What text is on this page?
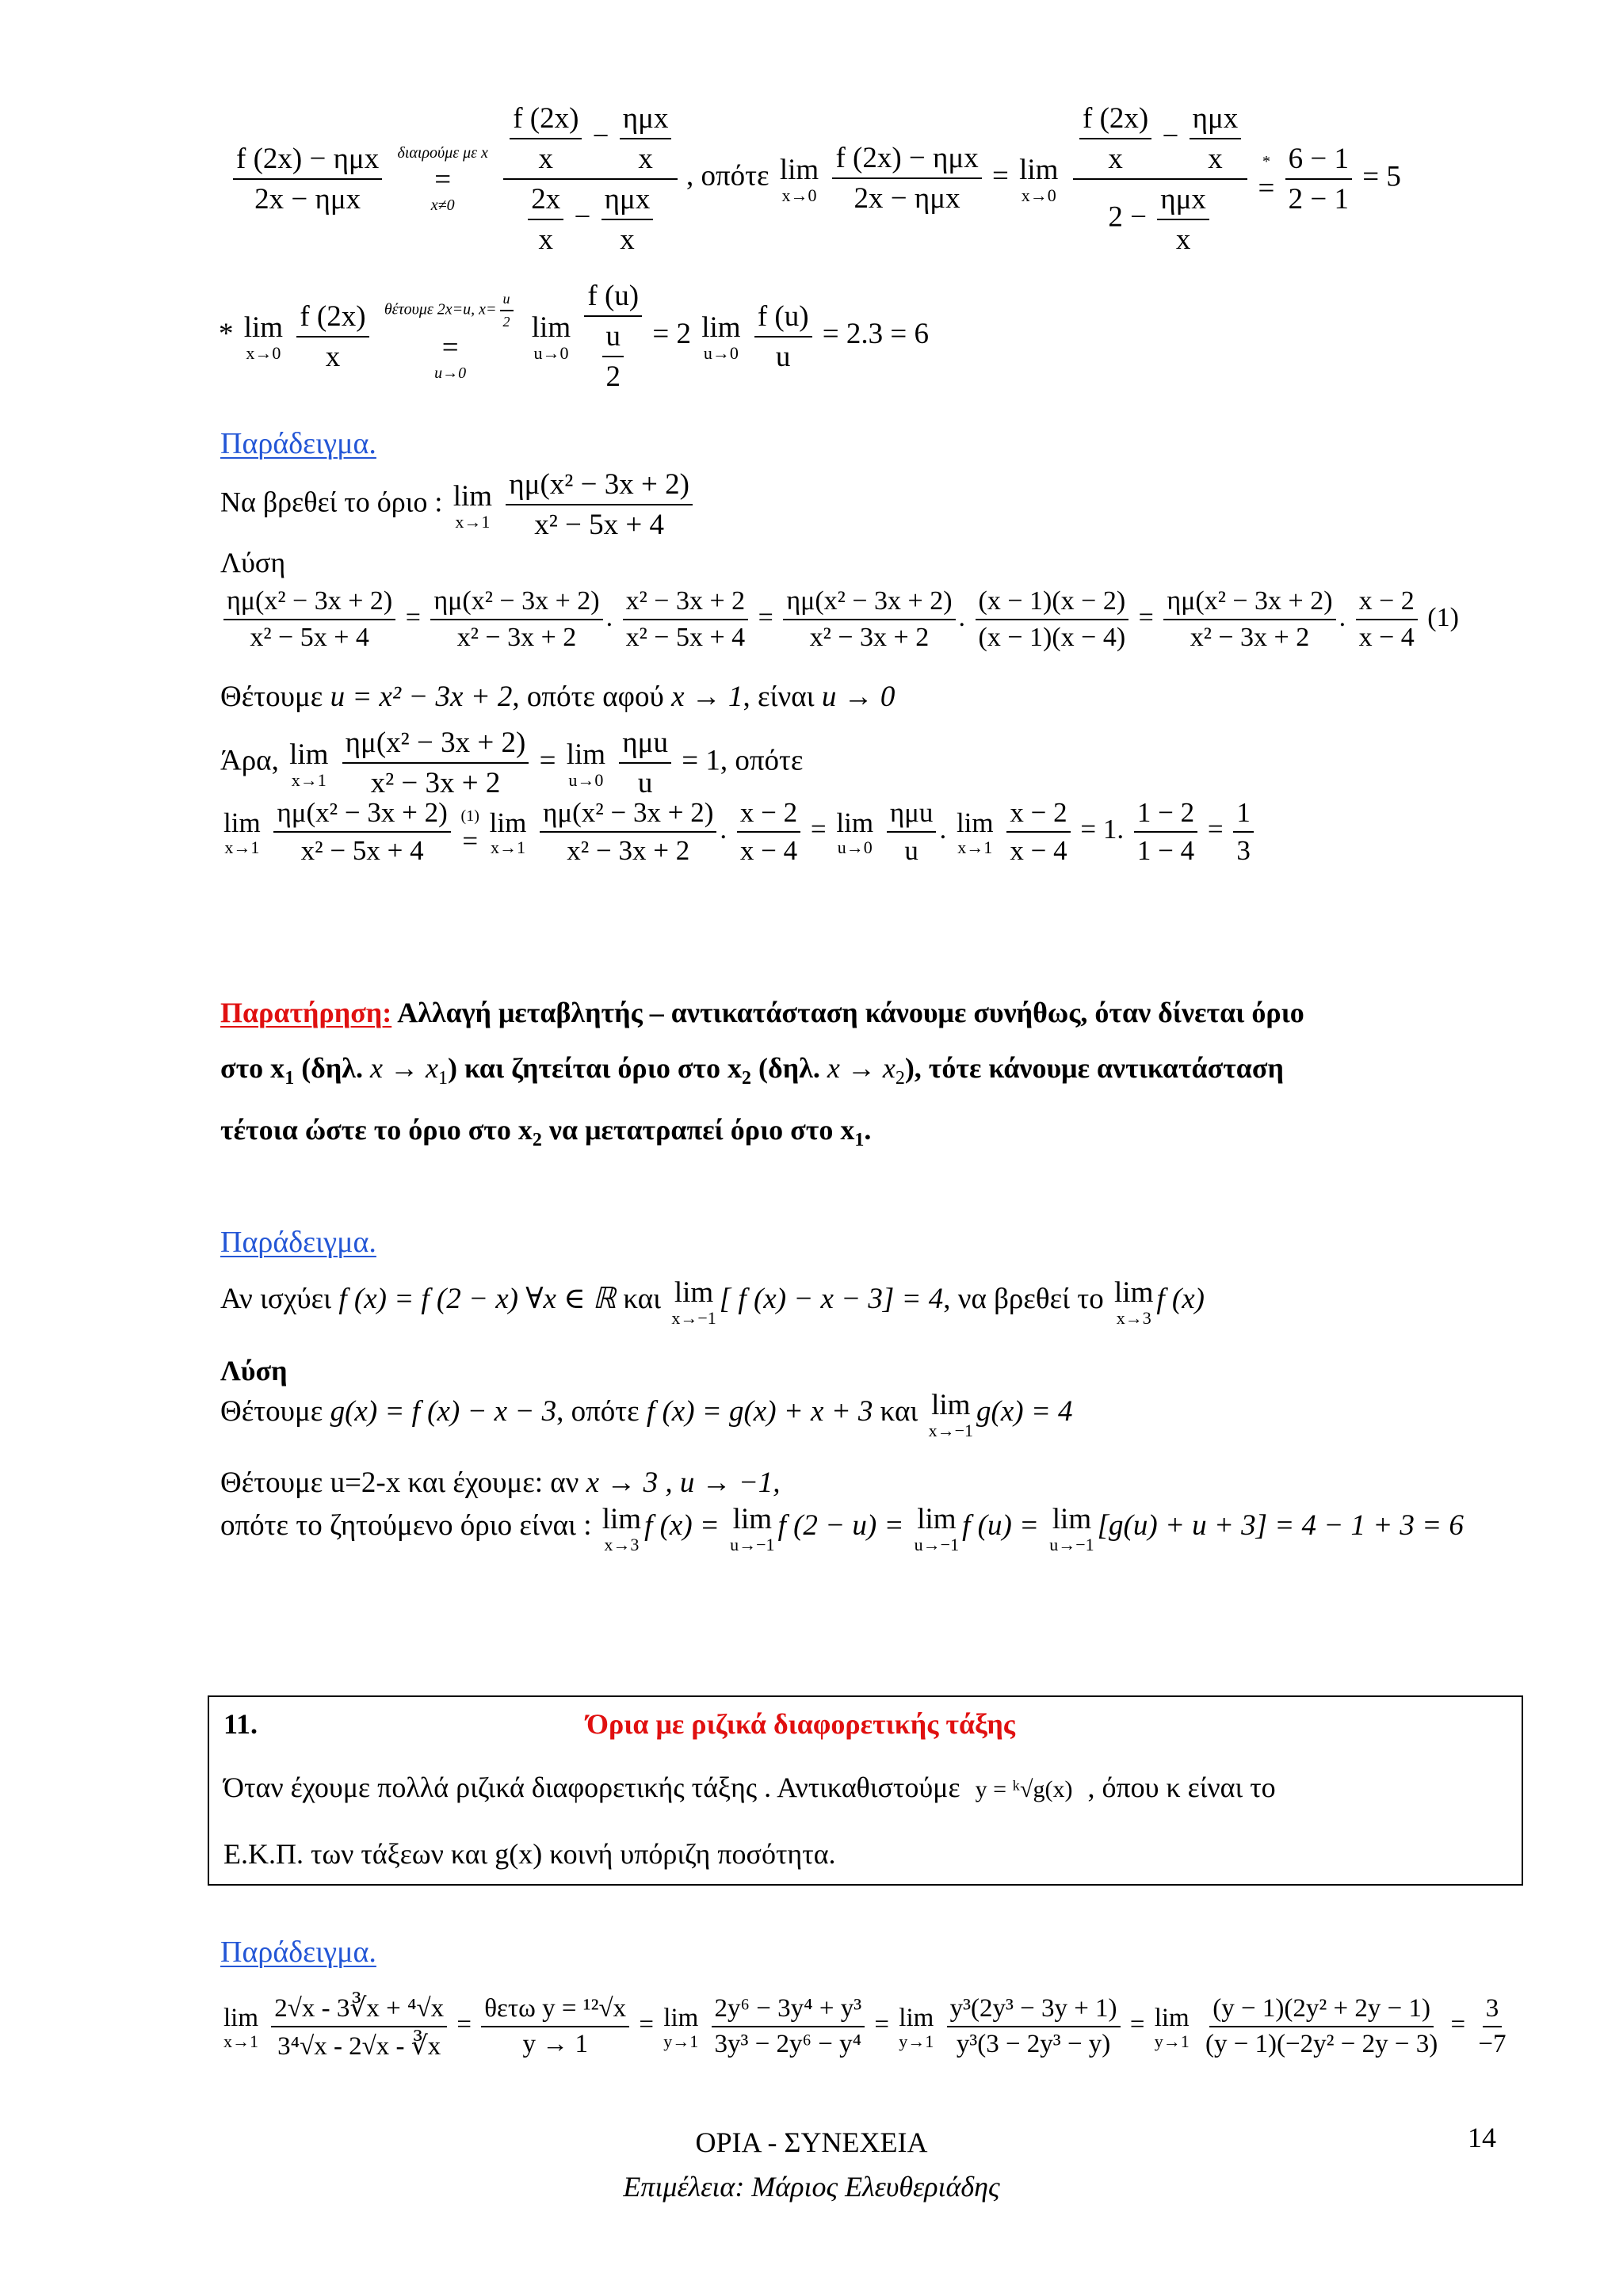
$\frac{\text{f (2x) − ημx}}{\text{2x − ημx}}$
διαιρούμε με x
=
x≠0
$\frac{\frac{f (2x)}{x} - \frac{\text{ημx}}{x}}{\frac{2x}{x} - \frac{\text{ημx}}{x}}$ , οπότε lim
x→0
$\frac{\text{f (2x) − ημx}}{\text{2x − ημx}} = \lim$
$x\to 0 \frac{\frac{f (2x)}{x} - \frac{\text{ημx}}{x}}{2 - \frac{\text{ημx}}{x}}$
*
=
$\frac{6 - 1}{2 - 1} = 5$
* lim
x→0
$\frac{f (2x)}{x}$
θέτουμε 2x=u, $x= \frac{u}{2}$
=
u→0

lim
u→0
$\frac{f (u)}{\frac{u}{2}} = 2$ lim
u→0
$\frac{f (u)}{u} = 2.3 = 6$
Παράδειγμα.
Να βρεθεί το όριο : lim
x→1
$\frac{\text{ημ(x² − 3x + 2)}}{\text{x² − 5x + 4}}$
Λύση
$\frac{\text{ημ(x² − 3x + 2)}}{\text{x² − 5x + 4}} = \frac{\text{ημ(x² − 3x + 2)}}{\text{x² − 3x + 2}}$ . $\frac{\text{x² − 3x + 2}}{\text{x² − 5x + 4}} = \frac{\text{ημ(x² − 3x + 2)}}{\text{x² − 3x + 2}}$ . $\frac{(x - 1)(x - 2)}{(x - 1)(x - 4)} = \frac{\text{ημ(x² − 3x + 2)}}{\text{x² − 3x + 2}}$ . $\frac{x - 2}{x - 4} (1)$
Θέτουμε u = x² − 3x + 2, οπότε αφού x → 1, είναι u → 0
Άρα, lim
x→1
$\frac{\text{ημ(x² − 3x + 2)}}{\text{x² − 3x + 2}} = \lim$
u→0
$\frac{\text{ημu}}{u} = 1$, οπότε
lim
x→1
$\frac{\text{ημ(x² − 3x + 2)}}{\text{x² − 5x + 4}}$
(1)
=

lim
x→1
$\frac{\text{ημ(x² − 3x + 2)}}{\text{x² − 3x + 2}}$ . $\frac{x - 2}{x - 4} = \lim$
u→0
$\frac{\text{ημu}}{u}$ . lim
x→1
$\frac{x - 2}{x - 4} = 1$. $\frac{1 - 2}{1 - 4} = \frac{1}{3}$
Παρατήρηση: Αλλαγή μεταβλητής – αντικατάσταση κάνουμε συνήθως, όταν δίνεται όριο
στο $x_1$ (δηλ. $x \to x_1$) και ζητείται όριο στο $x_2$ (δηλ. $x \to x_2$), τότε κάνουμε αντικατάσταση
τέτοια ώστε το όριο στο $x_2$ να μετατραπεί όριο στο $x_1$.
Παράδειγμα.
Αν ισχύει f (x) = f (2 − x) ∀x ∈ ℝ και lim
x→−1
[ f (x) − x − 3] = 4, να βρεθεί το lim
x→3
f (x)
Λύση
Θέτουμε g(x) = f (x) − x − 3, οπότε f (x) = g(x) + x + 3 και lim
x→−1
g(x) = 4
Θέτουμε u=2-x και έχουμε: αν x → 3 , u → −1,
οπότε το ζητούμενο όριο είναι : lim
x→3
f (x) = lim
u→−1
f (2 − u) = lim
u→−1
f (u) = lim
u→−1
[g(u) + u + 3] = 4 − 1 + 3 = 6
11.	Όρια με ριζικά διαφορετικής τάξης
Όταν έχουμε πολλά ριζικά διαφορετικής τάξης . Αντικαθιστούμε y = ᵏ√g(x) , όπου κ είναι το
Ε.Κ.Π. των τάξεων και g(x) κοινή υπόριζη ποσότητα.
Παράδειγμα.
lim
x→1
$\frac{\text{2√x - 3∛x + ⁴√x}}{\text{3⁴√x - 2√x - ∛x}} = \frac{\text{θετω y = ¹²√x}}{y \to 1} = \lim$
y→1
$\frac{\text{2y⁶ − 3y⁴ + y³}}{\text{3y³ − 2y⁶ − y⁴}} = \lim$
y→1
$\frac{\text{y³(2y³ − 3y + 1)}}{\text{y³(3 − 2y³ − y)}} = \lim$
y→1
$\frac{\text{(y − 1)(2y² + 2y − 1)}}{\text{(y − 1)(−2y² − 2y − 3)}} = \frac{3}{-7}$
ΟΡΙΑ - ΣΥΝΕΧΕΙΑ
Επιμέλεια: Μάριος Ελευθεριάδης
14
